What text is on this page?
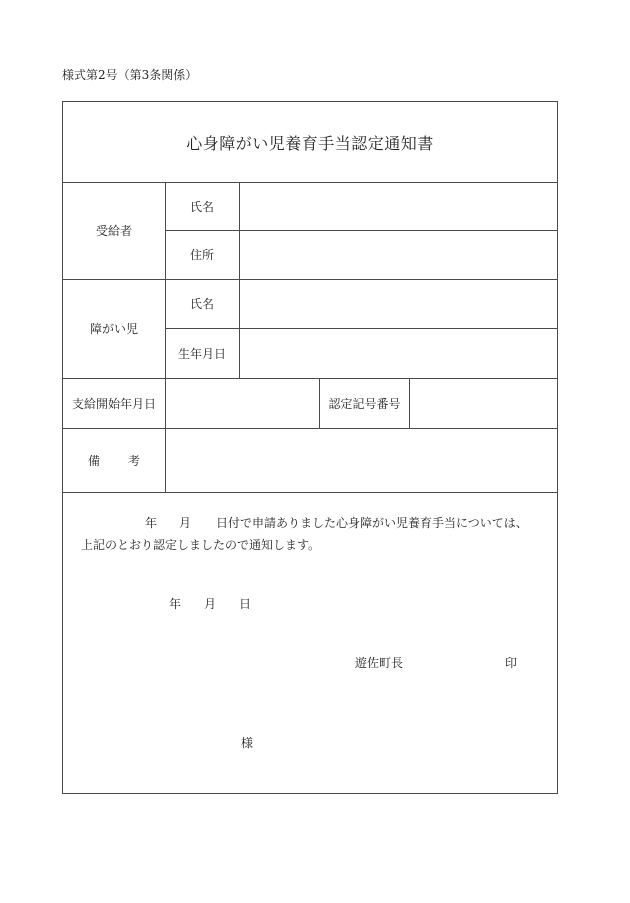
様式第2号（第3条関係）
心身障がい児養育手当認定通知書
受給者
氏名
住所
障がい児
氏名
生年月日
支給開始年月日	認定記号番号
備 考
年 月 日付で申請ありました心身障がい児養育手当については、
上記のとおり認定しましたので通知します。
年 月 日
遊佐町長	印
様
